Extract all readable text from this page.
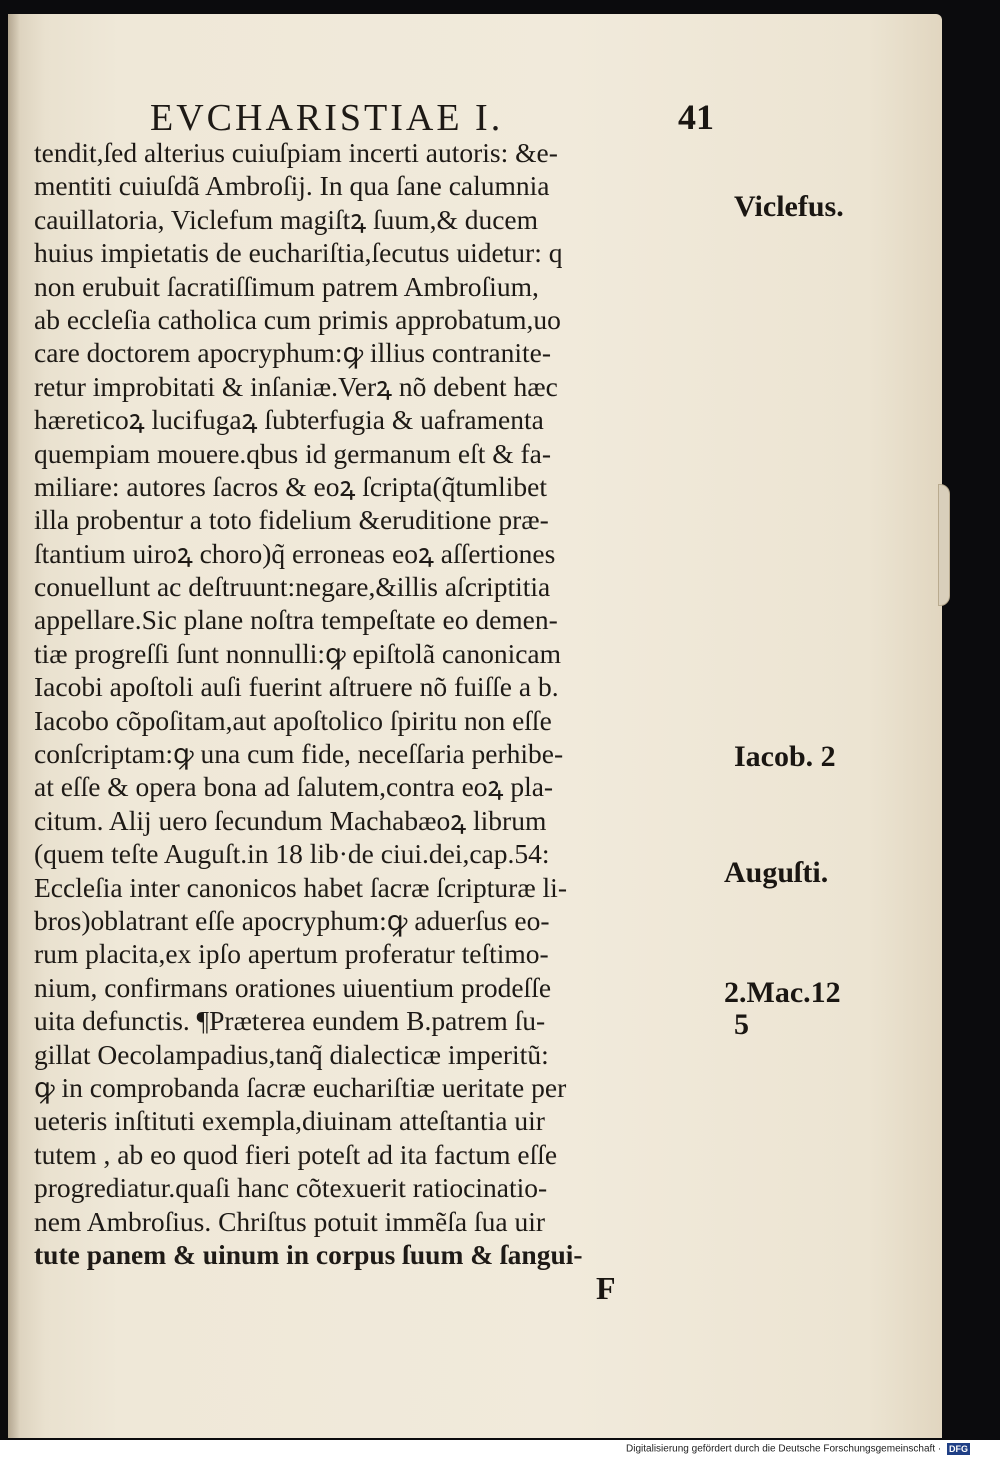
EVCHARISTIAE I.	41
tendit,ſed alterius cuiuſpiam incerti autoris: &e-
mentiti cuiuſdã Ambroſij. In qua ſane calumnia
cauillatoria, Viclefum magiſtꝝ ſuum,& ducem
huius impietatis de euchariſtia,ſecutus uidetur: q
non erubuit ſacratiſſimum patrem Ambroſium,
ab eccleſia catholica cum primis approbatum,uo
care doctorem apocryphum:ꝙ illius contranite-
retur improbitati & inſaniæ.Verꝝ nõ debent hæc
hæreticoꝝ lucifugaꝝ ſubterfugia & uaframenta
quempiam mouere.qbus id germanum eſt & fa-
miliare: autores ſacros & eoꝝ ſcripta(q̃tumlibet
illa probentur a toto fidelium &eruditione præ-
ſtantium uiroꝝ choro)q̃ erroneas eoꝝ aſſertiones
conuellunt ac deſtruunt:negare,&illis aſcriptitia
appellare.Sic plane noſtra tempeſtate eo demen-
tiæ progreſſi ſunt nonnulli:ꝙ epiſtolã canonicam
Iacobi apoſtoli auſi fuerint aſtruere nõ fuiſſe a b.
Iacobo cõpoſitam,aut apoſtolico ſpiritu non eſſe
conſcriptam:ꝙ una cum fide, neceſſaria perhibe-
at eſſe & opera bona ad ſalutem,contra eoꝝ pla-
citum. Alij uero ſecundum Machabæoꝝ librum
(quem teſte Auguſt.in 18 lib·de ciui.dei,cap.54:
Eccleſia inter canonicos habet ſacræ ſcripturæ li-
bros)oblatrant eſſe apocryphum:ꝙ aduerſus eo-
rum placita,ex ipſo apertum proferatur teſtimo-
nium, confirmans orationes uiuentium prodeſſe
uita defunctis. ¶Præterea eundem B.patrem ſu-
gillat Oecolampadius,tanq̃ dialecticæ imperitũ:
ꝙ in comprobanda ſacræ euchariſtiæ ueritate per
ueteris inſtituti exempla,diuinam atteſtantia uir
tutem , ab eo quod fieri poteſt ad ita factum eſſe
progrediatur.quaſi hanc cõtexuerit ratiocinatio-
nem Ambroſius. Chriſtus potuit immẽſa ſua uir
tute panem & uinum in corpus ſuum & ſangui-
Viclefus.
Iacob. 2
Auguſti.
2.Mac.12
5
F
Digitalisierung gefördert durch die Deutsche Forschungsgemeinschaft · DFG
